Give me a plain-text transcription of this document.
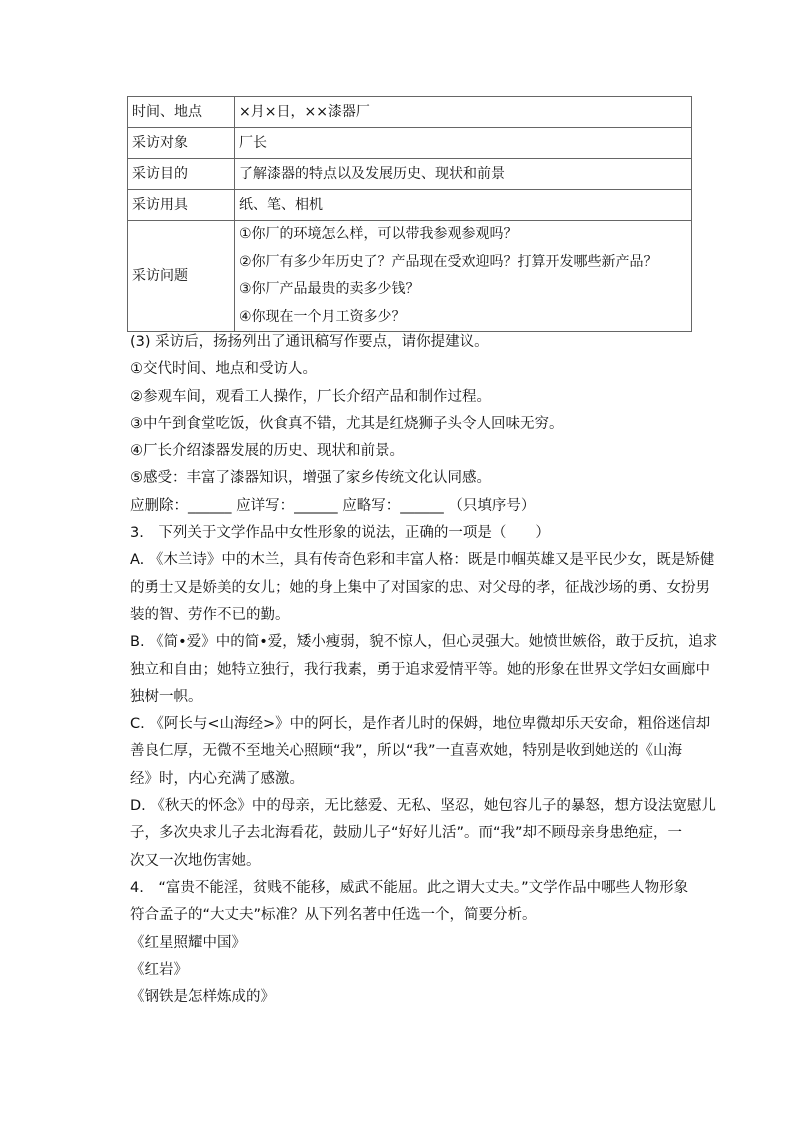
时间、地点	×月×日，××漆器厂
采访对象	厂长
采访目的	了解漆器的特点以及发展历史、现状和前景
采访用具	纸、笔、相机
采访问题	①你厂的环境怎么样，可以带我参观参观吗？
②你厂有多少年历史了？产品现在受欢迎吗？打算开发哪些新产品？
③你厂产品最贵的卖多少钱？
④你现在一个月工资多少？
(3) 采访后，扬扬列出了通讯稿写作要点，请你提建议。
①交代时间、地点和受访人。
②参观车间，观看工人操作，厂长介绍产品和制作过程。
③中午到食堂吃饭，伙食真不错，尤其是红烧狮子头令人回味无穷。
④厂长介绍漆器发展的历史、现状和前景。
⑤感受：丰富了漆器知识，增强了家乡传统文化认同感。
应删除：______ 应详写：______ 应略写：______ （只填序号）
3.　下列关于文学作品中女性形象的说法，正确的一项是（　　）
A. 《木兰诗》中的木兰，具有传奇色彩和丰富人格：既是巾帼英雄又是平民少女，既是矫健
的勇士又是娇美的女儿；她的身上集中了对国家的忠、对父母的孝，征战沙场的勇、女扮男
装的智、劳作不已的勤。
B. 《简•爱》中的简•爱，矮小瘦弱，貌不惊人，但心灵强大。她愤世嫉俗，敢于反抗，追求
独立和自由；她特立独行，我行我素，勇于追求爱情平等。她的形象在世界文学妇女画廊中
独树一帜。
C. 《阿长与<山海经>》中的阿长，是作者儿时的保姆，地位卑微却乐天安命，粗俗迷信却
善良仁厚，无微不至地关心照顾“我”，所以“我”一直喜欢她，特别是收到她送的《山海
经》时，内心充满了感激。
D. 《秋天的怀念》中的母亲，无比慈爱、无私、坚忍，她包容儿子的暴怒，想方设法宽慰儿
子，多次央求儿子去北海看花，鼓励儿子“好好儿活”。而“我”却不顾母亲身患绝症，一
次又一次地伤害她。
4.　“富贵不能淫，贫贱不能移，威武不能屈。此之谓大丈夫。”文学作品中哪些人物形象
符合孟子的“大丈夫”标准？从下列名著中任选一个，简要分析。
《红星照耀中国》
《红岩》
《钢铁是怎样炼成的》
